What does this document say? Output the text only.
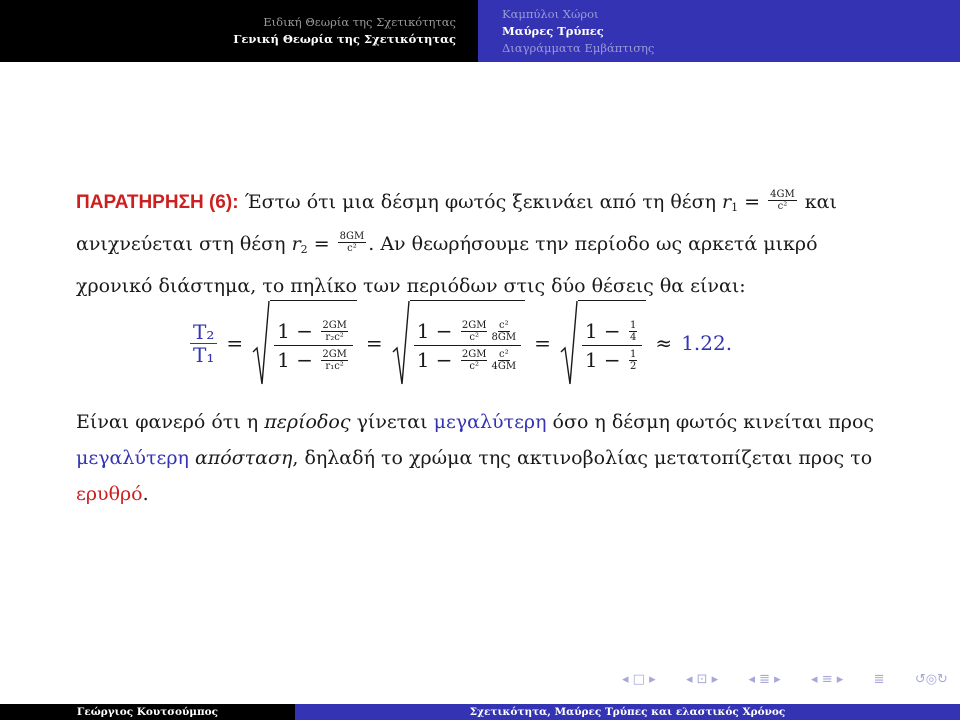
Ειδική Θεωρία της Σχετικότητας
Γενική Θεωρία της Σχετικότητας
Καμπύλοι Χώροι
Μαύρες Τρύπες
Διαγράμματα Εμβάπτισης

ΠΑΡΑΤΗΡΗΣΗ (6): Έστω ότι μια δέσμη φωτός ξεκινάει από τη θέση $r_1 = \frac{4GM}{\text{c²}}$ και ανιχνεύεται στη θέση $r_2 = \frac{8GM}{\text{c²}}$ . Αν θεωρήσουμε την περίοδο ως αρκετά μικρό χρονικό διάστημα, το πηλίκο των περιόδων στις δύο θέσεις θα είναι:

$\frac{\text{T₂}}{\text{T₁}} = 1$ −
$\frac{2GM}{\text{r₂c²}}$
1 −
$\frac{2GM}{\text{r₁c²}}$
= 1 −
$\frac{2GM}{\text{c²}} c^2$
8GM
1 −
$\frac{2GM}{\text{c²}} c^2$
4GM
= 1 −
$\frac{1}{4}$
1 −
$\frac{1}{2}$
≈ 1.22.

Είναι φανερό ότι η περίοδος γίνεται μεγαλύτερη όσο η δέσμη φωτός κινείται προς μεγαλύτερη απόσταση, δηλαδή το χρώμα της ακτινοβολίας μετατοπίζεται προς το ερυθρό.

◂ □ ▸ ◂ ⊡ ▸ ◂ ≣ ▸ ◂ ≡ ▸ ≣ ↺◎↻
Γεώργιος Κουτσούμπος	Σχετικότητα, Μαύρες Τρύπες και ελαστικός Χρόνος
